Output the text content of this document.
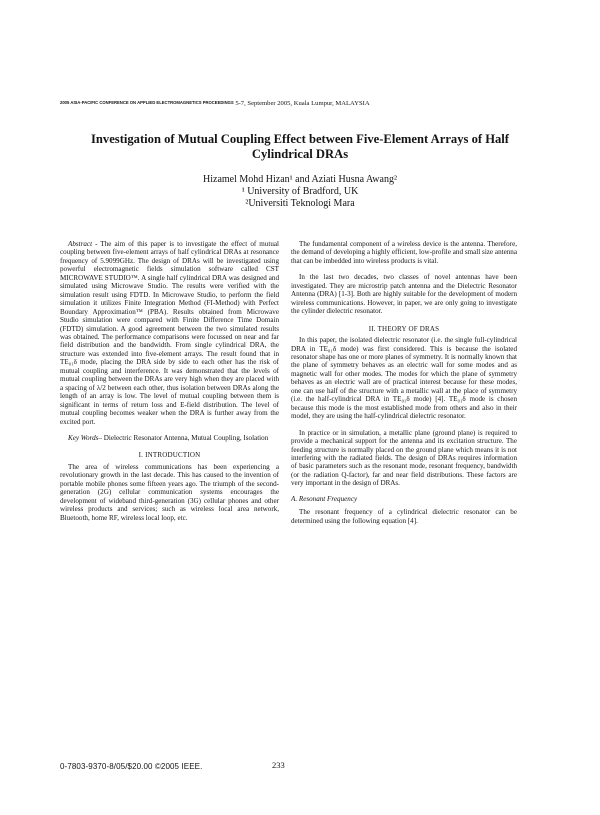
2005 ASIA-PACIFIC CONFERENCE ON APPLIED ELECTROMAGNETICS PROCEEDINGS 5-7, September 2005, Kuala Lumpur, MALAYSIA
Investigation of Mutual Coupling Effect between Five-Element Arrays of Half Cylindrical DRAs
Hizamel Mohd Hizan¹ and Aziati Husna Awang²
¹ University of Bradford, UK
²Universiti Teknologi Mara

Abstract - The aim of this paper is to investigate the effect of mutual coupling between five-element arrays of half cylindrical DRAs at resonance frequency of 5.9099GHz. The design of DRAs will be investigated using powerful electromagnetic fields simulation software called CST MICROWAVE STUDIO™. A single half cylindrical DRA was designed and simulated using Microwave Studio. The results were verified with the simulation result using FDTD. In Microwave Studio, to perform the field simulation it utilizes Finite Integration Method (FI-Method) with Perfect Boundary Approximation™ (PBA). Results obtained from Microwave Studio simulation were compared with Finite Difference Time Domain (FDTD) simulation. A good agreement between the two simulated results was obtained. The performance comparisons were focussed on near and far field distribution and the bandwidth. From single cylindrical DRA, the structure was extended into five-element arrays. The result found that in TE₀₁δ mode, placing the DRA side by side to each other has the risk of mutual coupling and interference. It was demonstrated that the levels of mutual coupling between the DRAs are very high when they are placed with a spacing of λ/2 between each other, thus isolation between DRAs along the length of an array is low. The level of mutual coupling between them is significant in terms of return loss and E-field distribution. The level of mutual coupling becomes weaker when the DRA is further away from the excited port.

Key Words– Dielectric Resonator Antenna, Mutual Coupling, Isolation

I. INTRODUCTION

The area of wireless communications has been experiencing a revolutionary growth in the last decade. This has caused to the invention of portable mobile phones some fifteen years ago. The triumph of the second-generation (2G) cellular communication systems encourages the development of wideband third-generation (3G) cellular phones and other wireless products and services; such as wireless local area network, Bluetooth, home RF, wireless local loop, etc.

The fundamental component of a wireless device is the antenna. Therefore, the demand of developing a highly efficient, low-profile and small size antenna that can be imbedded into wireless products is vital.

In the last two decades, two classes of novel antennas have been investigated. They are microstrip patch antenna and the Dielectric Resonator Antenna (DRA) [1-3]. Both are highly suitable for the development of modern wireless communications. However, in paper, we are only going to investigate the cylinder dielectric resonator.

II. THEORY OF DRAS

In this paper, the isolated dielectric resonator (i.e. the single full-cylindrical DRA in TE₀₁δ mode) was first considered. This is because the isolated resonator shape has one or more planes of symmetry. It is normally known that the plane of symmetry behaves as an electric wall for some modes and as magnetic wall for other modes. The modes for which the plane of symmetry behaves as an electric wall are of practical interest because for these modes, one can use half of the structure with a metallic wall at the place of symmetry (i.e. the half-cylindrical DRA in TE₀₁δ mode) [4]. TE₀₁δ mode is chosen because this mode is the most established mode from others and also in their model, they are using the half-cylindrical dielectric resonator.

In practice or in simulation, a metallic plane (ground plane) is required to provide a mechanical support for the antenna and its excitation structure. The feeding structure is normally placed on the ground plane which means it is not interfering with the radiated fields. The design of DRAs requires information of basic parameters such as the resonant mode, resonant frequency, bandwidth (or the radiation Q-factor), far and near field distributions. These factors are very important in the design of DRAs.

A. Resonant Frequency

The resonant frequency of a cylindrical dielectric resonator can be determined using the following equation [4].

0-7803-9370-8/05/$20.00 ©2005 IEEE.	233
